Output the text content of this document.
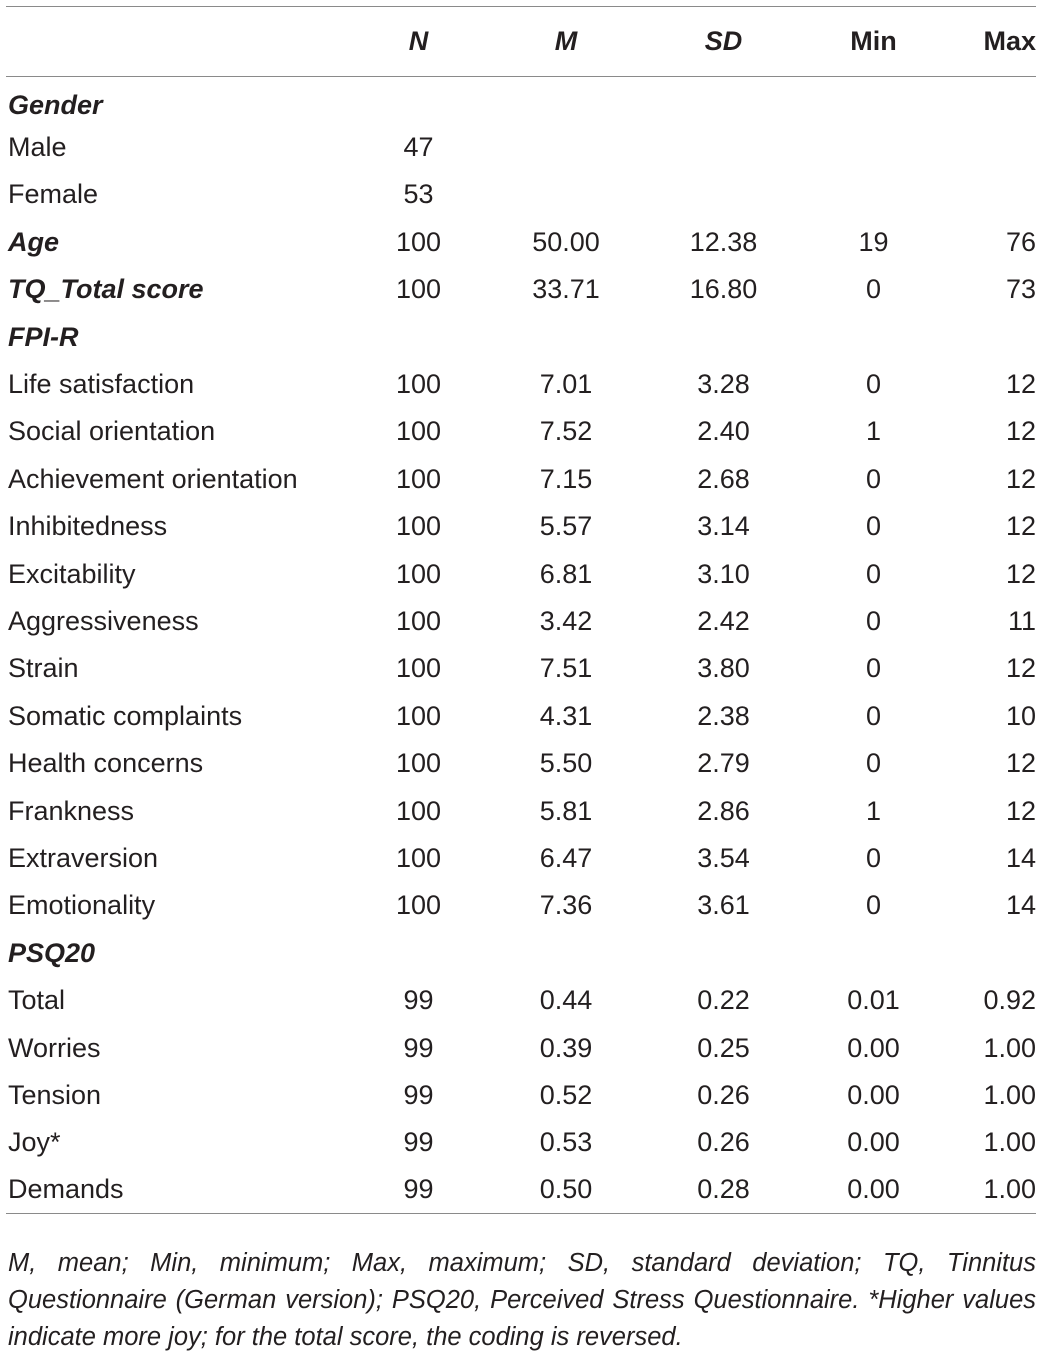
	N	M	SD	Min	Max
Gender					
Male	47				
Female	53				
Age	100	50.00	12.38	19	76
TQ_Total score	100	33.71	16.80	0	73
FPI-R					
Life satisfaction	100	7.01	3.28	0	12
Social orientation	100	7.52	2.40	1	12
Achievement orientation	100	7.15	2.68	0	12
Inhibitedness	100	5.57	3.14	0	12
Excitability	100	6.81	3.10	0	12
Aggressiveness	100	3.42	2.42	0	11
Strain	100	7.51	3.80	0	12
Somatic complaints	100	4.31	2.38	0	10
Health concerns	100	5.50	2.79	0	12
Frankness	100	5.81	2.86	1	12
Extraversion	100	6.47	3.54	0	14
Emotionality	100	7.36	3.61	0	14
PSQ20					
Total	99	0.44	0.22	0.01	0.92
Worries	99	0.39	0.25	0.00	1.00
Tension	99	0.52	0.26	0.00	1.00
Joy*	99	0.53	0.26	0.00	1.00
Demands	99	0.50	0.28	0.00	1.00
M, mean; Min, minimum; Max, maximum; SD, standard deviation; TQ, Tinnitus Questionnaire (German version); PSQ20, Perceived Stress Questionnaire. *Higher values indicate more joy; for the total score, the coding is reversed.
